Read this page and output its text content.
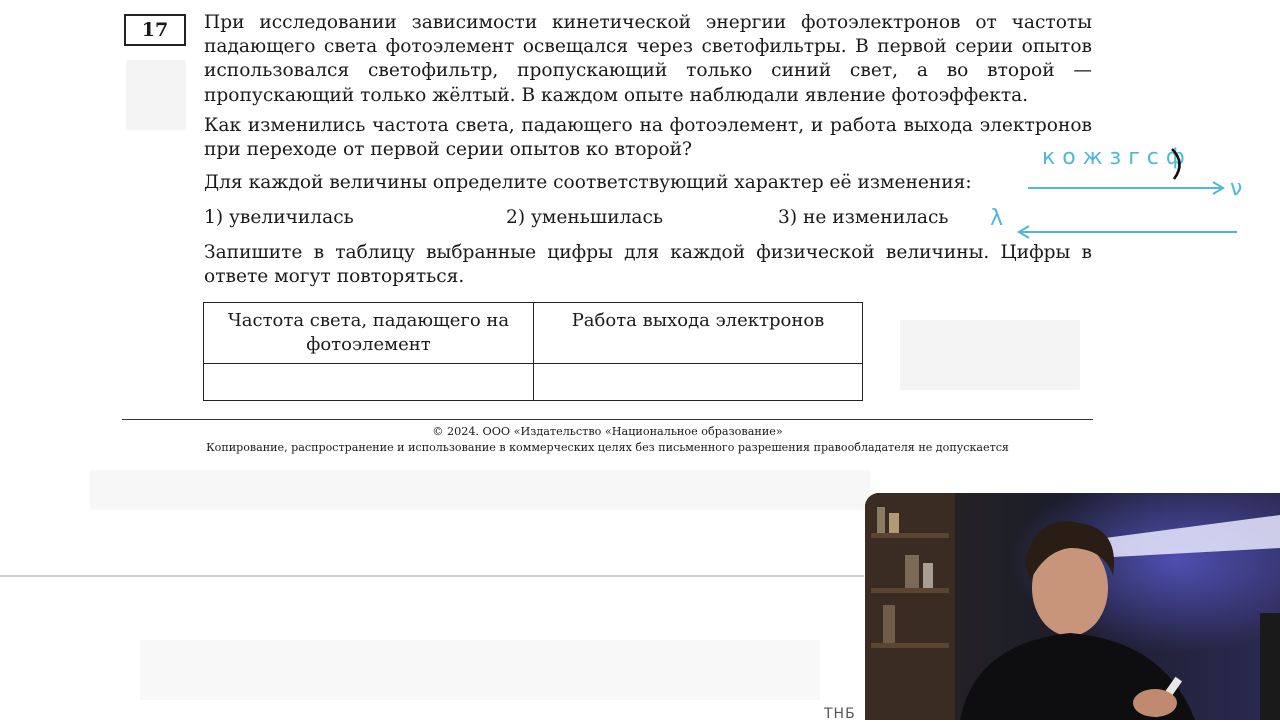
17	При исследовании зависимости кинетической энергии фотоэлектронов от частоты падающего света фотоэлемент освещался через светофильтры. В первой серии опытов использовался светофильтр, пропускающий только синий свет, а во второй — пропускающий только жёлтый. В каждом опыте наблюдали явление фотоэффекта.

Как изменились частота света, падающего на фотоэлемент, и работа выхода электронов при переходе от первой серии опытов ко второй?

Для каждой величины определите соответствующий характер её изменения:

1) увеличилась	2) уменьшилась	3) не изменилась

Запишите в таблицу выбранные цифры для каждой физической величины. Цифры в ответе могут повторяться.

Частота света, падающего на фотоэлемент	Работа выхода электронов

© 2024. ООО «Издательство «Национальное образование»
Копирование, распространение и использование в коммерческих целях без письменного разрешения правообладателя не допускается
к о ж з г с ф
ν
λ
ТНБ
